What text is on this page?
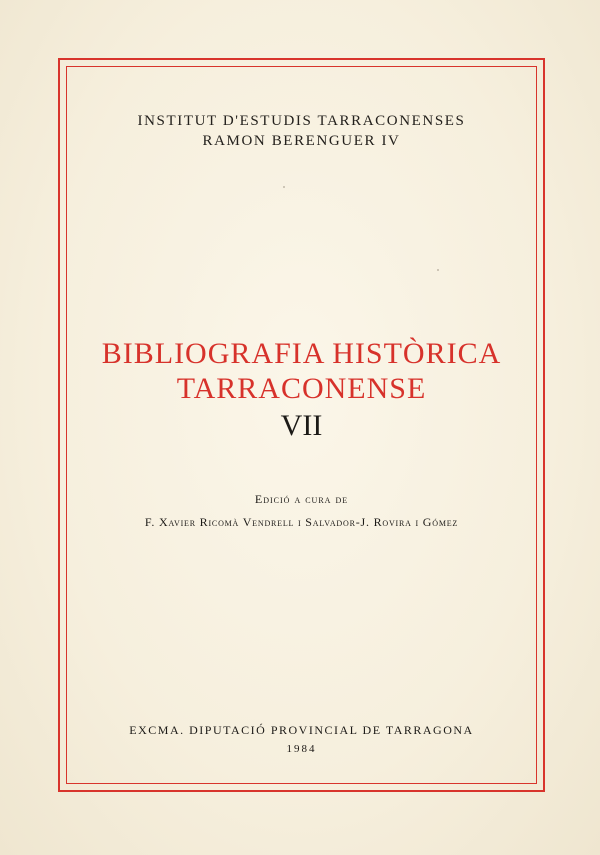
INSTITUT D'ESTUDIS TARRACONENSES
RAMON BERENGUER IV
BIBLIOGRAFIA HISTÒRICA
TARRACONENSE
VII
Edició a cura de
F. Xavier Ricomà Vendrell i Salvador-J. Rovira i Gómez
EXCMA. DIPUTACIÓ PROVINCIAL DE TARRAGONA
1984
